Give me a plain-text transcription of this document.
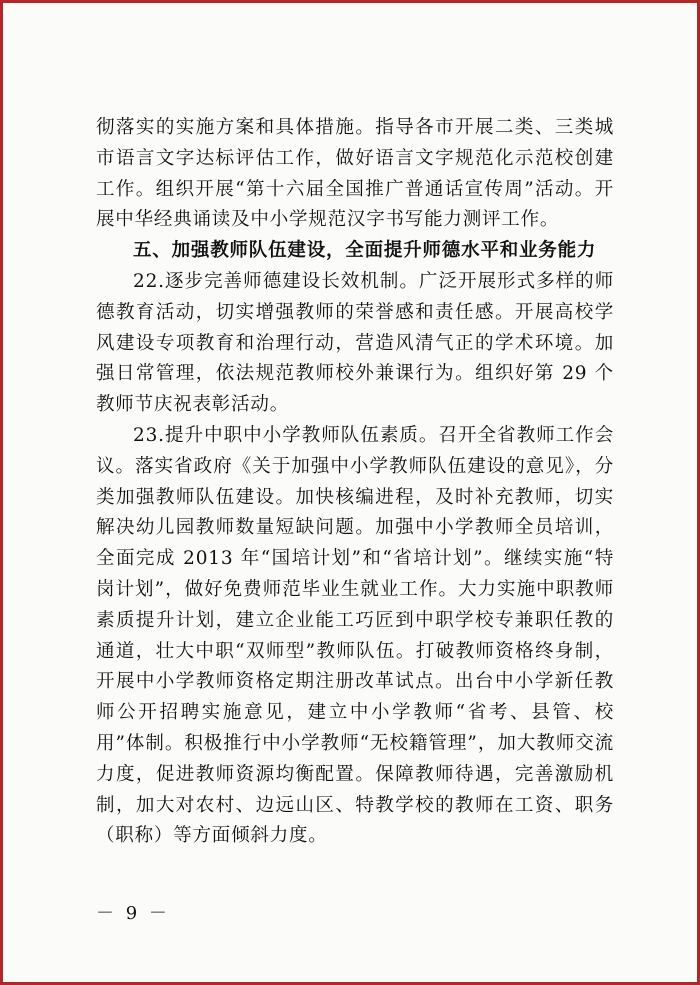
彻落实的实施方案和具体措施。指导各市开展二类、三类城市语言文字达标评估工作，做好语言文字规范化示范校创建工作。组织开展“第十六届全国推广普通话宣传周”活动。开展中华经典诵读及中小学规范汉字书写能力测评工作。

五、加强教师队伍建设，全面提升师德水平和业务能力

22.逐步完善师德建设长效机制。广泛开展形式多样的师德教育活动，切实增强教师的荣誉感和责任感。开展高校学风建设专项教育和治理行动，营造风清气正的学术环境。加强日常管理，依法规范教师校外兼课行为。组织好第 29 个教师节庆祝表彰活动。

23.提升中职中小学教师队伍素质。召开全省教师工作会议。落实省政府《关于加强中小学教师队伍建设的意见》，分类加强教师队伍建设。加快核编进程，及时补充教师，切实解决幼儿园教师数量短缺问题。加强中小学教师全员培训，全面完成 2013 年“国培计划”和“省培计划”。继续实施“特岗计划”，做好免费师范毕业生就业工作。大力实施中职教师素质提升计划，建立企业能工巧匠到中职学校专兼职任教的通道，壮大中职“双师型”教师队伍。打破教师资格终身制，开展中小学教师资格定期注册改革试点。出台中小学新任教师公开招聘实施意见，建立中小学教师“省考、县管、校用”体制。积极推行中小学教师“无校籍管理”，加大教师交流力度，促进教师资源均衡配置。保障教师待遇，完善激励机制，加大对农村、边远山区、特教学校的教师在工资、职务（职称）等方面倾斜力度。

－ 9 －
